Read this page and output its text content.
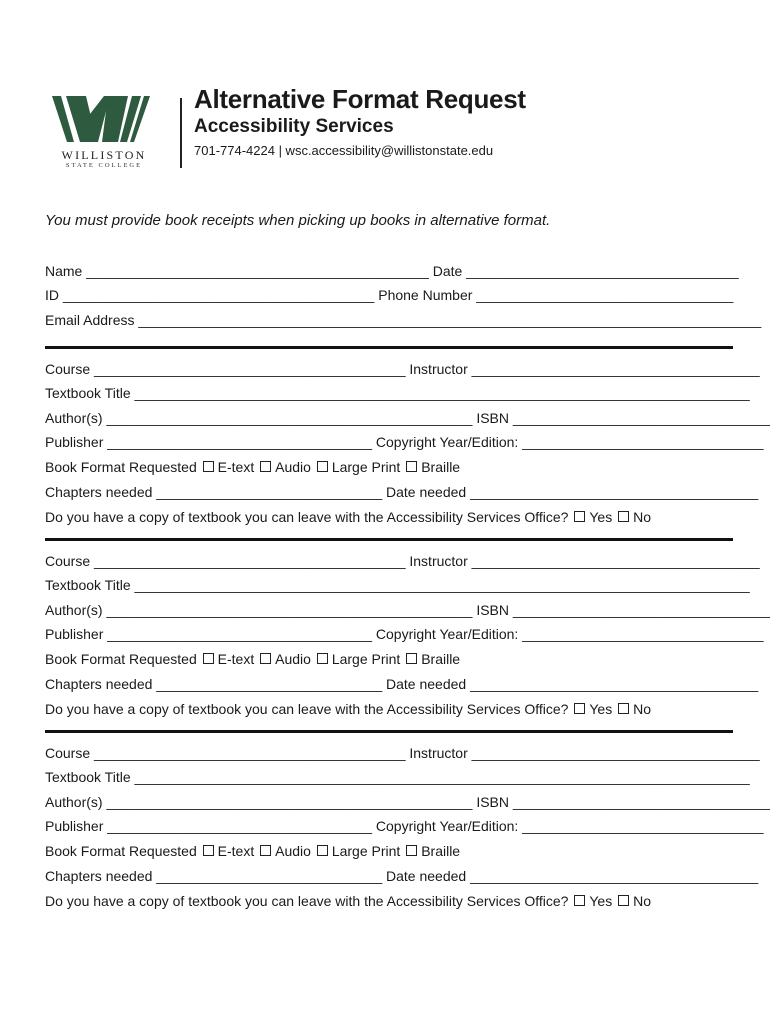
WILLISTON
STATE COLLEGE
Alternative Format Request
Accessibility Services
701-774-4224 | wsc.accessibility@willistonstate.edu
You must provide book receipts when picking up books in alternative format.
Name ____________________________________________ Date ___________________________________
ID ________________________________________ Phone Number _________________________________
Email Address ________________________________________________________________________________
Course ________________________________________ Instructor _____________________________________
Textbook Title _______________________________________________________________________________
Author(s) _______________________________________________ ISBN _________________________________
Publisher __________________________________ Copyright Year/Edition: _______________________________
Book Format Requested E-text Audio Large Print Braille
Chapters needed _____________________________ Date needed _____________________________________
Do you have a copy of textbook you can leave with the Accessibility Services Office? Yes No
Course ________________________________________ Instructor _____________________________________
Textbook Title _______________________________________________________________________________
Author(s) _______________________________________________ ISBN _________________________________
Publisher __________________________________ Copyright Year/Edition: _______________________________
Book Format Requested E-text Audio Large Print Braille
Chapters needed _____________________________ Date needed _____________________________________
Do you have a copy of textbook you can leave with the Accessibility Services Office? Yes No
Course ________________________________________ Instructor _____________________________________
Textbook Title _______________________________________________________________________________
Author(s) _______________________________________________ ISBN _________________________________
Publisher __________________________________ Copyright Year/Edition: _______________________________
Book Format Requested E-text Audio Large Print Braille
Chapters needed _____________________________ Date needed _____________________________________
Do you have a copy of textbook you can leave with the Accessibility Services Office? Yes No
